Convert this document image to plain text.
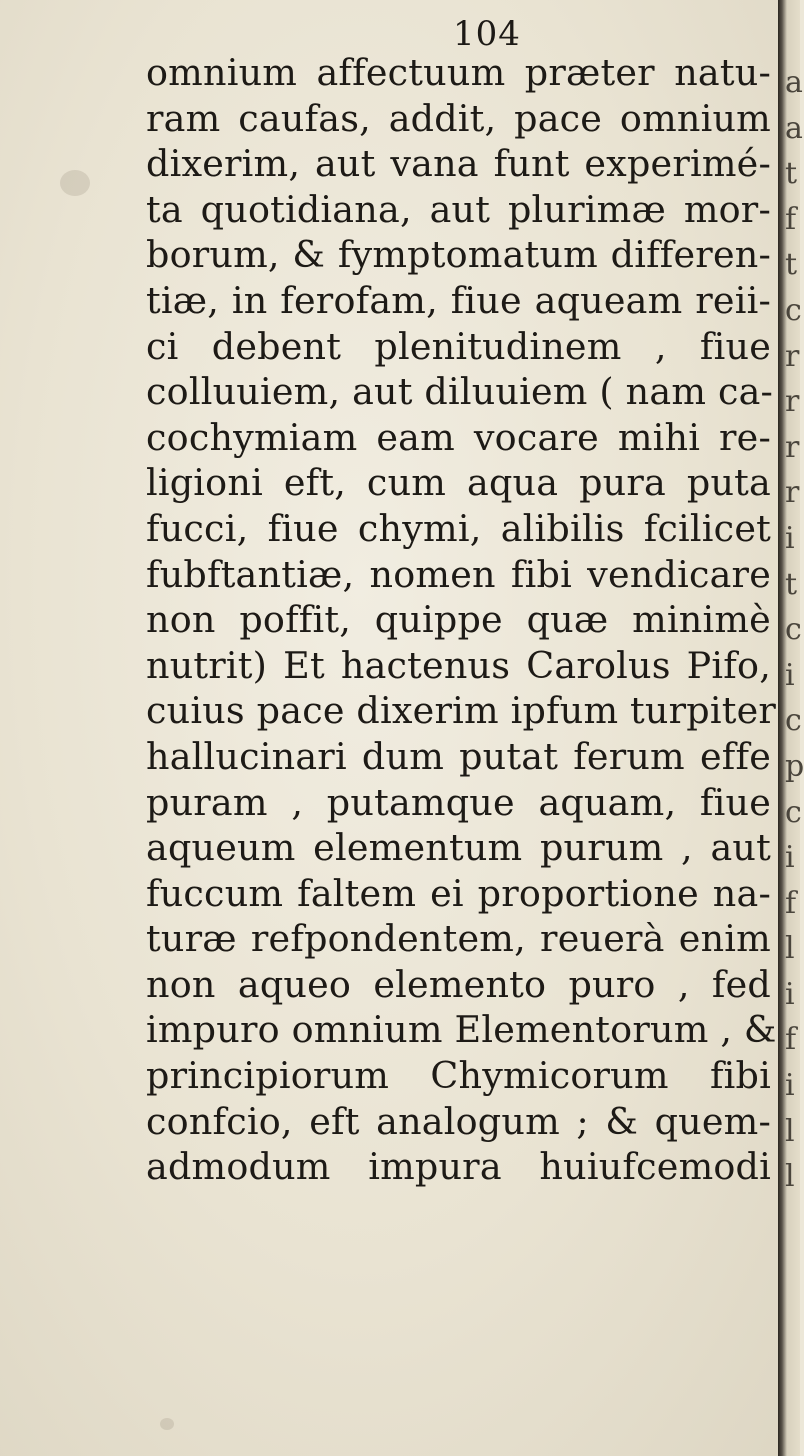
104
omnium affectuum præter natu-
ram caufas, addit, pace omnium
dixerim, aut vana funt experimé-
ta quotidiana, aut plurimæ mor-
borum, & fymptomatum differen-
tiæ, in ferofam, fiue aqueam reii-
ci debent plenitudinem , fiue
colluuiem, aut diluuiem ( nam ca-
cochymiam eam vocare mihi re-
ligioni eft, cum aqua pura puta
fucci, fiue chymi, alibilis fcilicet
fubftantiæ, nomen fibi vendicare
non poffit, quippe quæ minimè
nutrit) Et hactenus Carolus Pifo,
cuius pace dixerim ipfum turpiter
hallucinari dum putat ferum effe
puram , putamque aquam, fiue
aqueum elementum purum , aut
fuccum faltem ei proportione na-
turæ refpondentem, reuerà enim
non aqueo elemento puro , fed
impuro omnium Elementorum , &
principiorum Chymicorum fibi
confcio, eft analogum ; & quem-
admodum impura huiufcemodi
a
a
t
f
t
c
r
r
r
r
i
t
c
i
c
p
c
i
f
l
i
f
i
l
l
